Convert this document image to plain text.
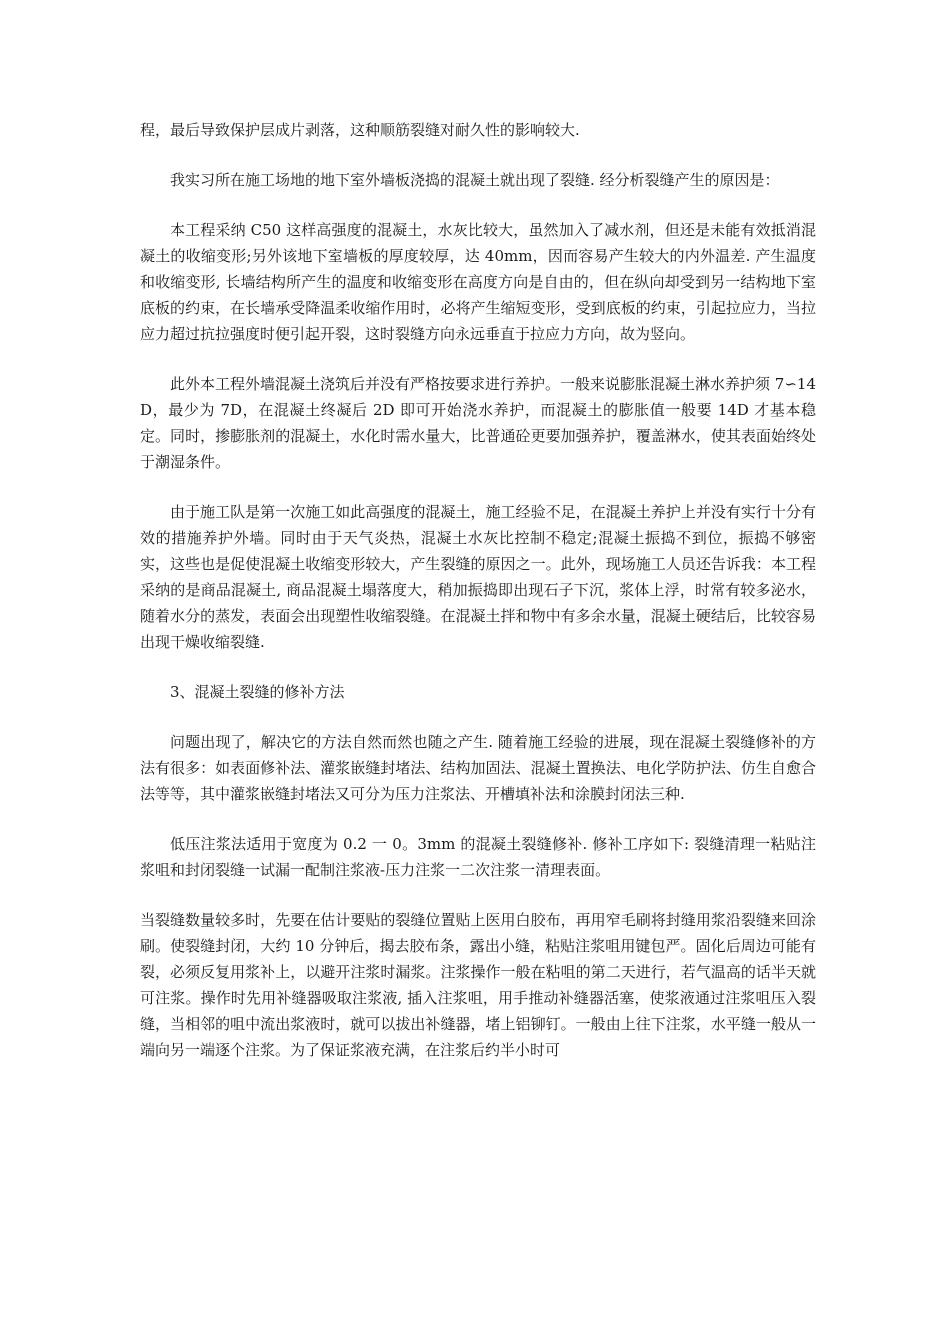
程，最后导致保护层成片剥落，这种顺筋裂缝对耐久性的影响较大.

我实习所在施工场地的地下室外墙板浇捣的混凝土就出现了裂缝. 经分析裂缝产生的原因是：

本工程采纳 C50 这样高强度的混凝土，水灰比较大，虽然加入了减水剂，但还是未能有效抵消混凝土的收缩变形;另外该地下室墙板的厚度较厚，达 40mm，因而容易产生较大的内外温差. 产生温度和收缩变形, 长墙结构所产生的温度和收缩变形在高度方向是自由的，但在纵向却受到另一结构地下室底板的约束，在长墙承受降温柔收缩作用时，必将产生缩短变形，受到底板的约束，引起拉应力，当拉应力超过抗拉强度时便引起开裂，这时裂缝方向永远垂直于拉应力方向，故为竖向。

此外本工程外墙混凝土浇筑后并没有严格按要求进行养护。一般来说膨胀混凝土淋水养护须 7∽14D，最少为 7D，在混凝土终凝后 2D 即可开始浇水养护，而混凝土的膨胀值一般要 14D 才基本稳定。同时，掺膨胀剂的混凝土，水化时需水量大，比普通砼更要加强养护，覆盖淋水，使其表面始终处于潮湿条件。

由于施工队是第一次施工如此高强度的混凝土，施工经验不足，在混凝土养护上并没有实行十分有效的措施养护外墙。同时由于天气炎热，混凝土水灰比控制不稳定;混凝土振捣不到位，振捣不够密实，这些也是促使混凝土收缩变形较大，产生裂缝的原因之一。此外，现场施工人员还告诉我：本工程采纳的是商品混凝土, 商品混凝土塌落度大，稍加振捣即出现石子下沉，浆体上浮，时常有较多泌水，随着水分的蒸发，表面会出现塑性收缩裂缝。在混凝土拌和物中有多余水量，混凝土硬结后，比较容易出现干燥收缩裂缝.

3、混凝土裂缝的修补方法

问题出现了，解决它的方法自然而然也随之产生. 随着施工经验的进展，现在混凝土裂缝修补的方法有很多：如表面修补法、灌浆嵌缝封堵法、结构加固法、混凝土置换法、电化学防护法、仿生自愈合法等等，其中灌浆嵌缝封堵法又可分为压力注浆法、开槽填补法和涂膜封闭法三种.

低压注浆法适用于宽度为 0.2 一 0。3mm 的混凝土裂缝修补. 修补工序如下: 裂缝清理一粘贴注浆咀和封闭裂缝一试漏一配制注浆液-压力注浆一二次注浆一清理表面。

当裂缝数量较多时，先要在估计要贴的裂缝位置贴上医用白胶布，再用窄毛刷将封缝用浆沿裂缝来回涂刷。使裂缝封闭，大约 10 分钟后，揭去胶布条，露出小缝，粘贴注浆咀用键包严。固化后周边可能有裂，必须反复用浆补上，以避开注浆时漏浆。注浆操作一般在粘咀的第二天进行，若气温高的话半天就可注浆。操作时先用补缝器吸取注浆液, 插入注浆咀，用手推动补缝器活塞，使浆液通过注浆咀压入裂缝，当相邻的咀中流出浆液时，就可以拔出补缝器，堵上铝铆钉。一般由上往下注浆，水平缝一般从一端向另一端逐个注浆。为了保证浆液充满，在注浆后约半小时可
